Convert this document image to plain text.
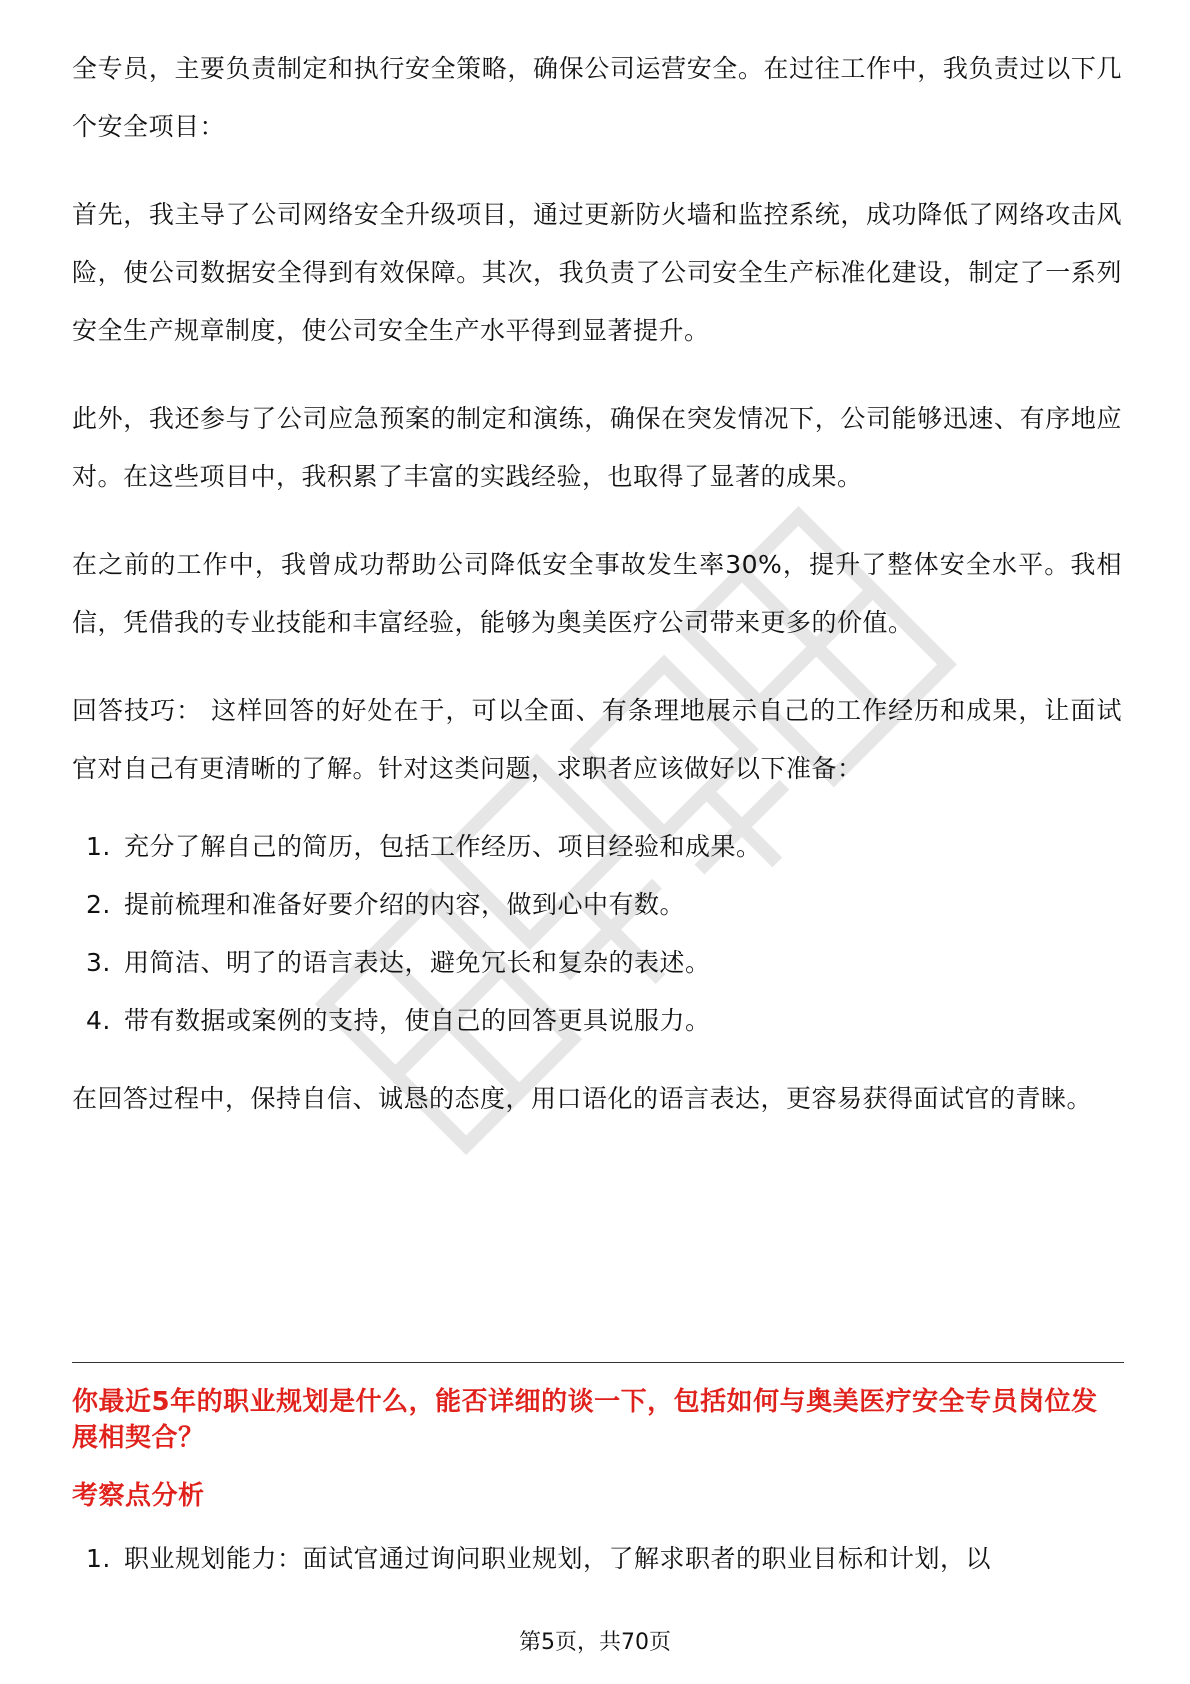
全专员，主要负责制定和执行安全策略，确保公司运营安全。在过往工作中，我负责过以下几个安全项目：

首先，我主导了公司网络安全升级项目，通过更新防火墙和监控系统，成功降低了网络攻击风险，使公司数据安全得到有效保障。其次，我负责了公司安全生产标准化建设，制定了一系列安全生产规章制度，使公司安全生产水平得到显著提升。

此外，我还参与了公司应急预案的制定和演练，确保在突发情况下，公司能够迅速、有序地应对。在这些项目中，我积累了丰富的实践经验，也取得了显著的成果。

在之前的工作中，我曾成功帮助公司降低安全事故发生率30%，提升了整体安全水平。我相信，凭借我的专业技能和丰富经验，能够为奥美医疗公司带来更多的价值。

回答技巧： 这样回答的好处在于，可以全面、有条理地展示自己的工作经历和成果，让面试官对自己有更清晰的了解。针对这类问题，求职者应该做好以下准备：

1. 充分了解自己的简历，包括工作经历、项目经验和成果。
2. 提前梳理和准备好要介绍的内容，做到心中有数。
3. 用简洁、明了的语言表达，避免冗长和复杂的表述。
4. 带有数据或案例的支持，使自己的回答更具说服力。

在回答过程中，保持自信、诚恳的态度，用口语化的语言表达，更容易获得面试官的青睐。

你最近5年的职业规划是什么，能否详细的谈一下，包括如何与奥美医疗安全专员岗位发展相契合？
考察点分析
1. 职业规划能力：面试官通过询问职业规划，了解求职者的职业目标和计划，以
第5页，共70页
